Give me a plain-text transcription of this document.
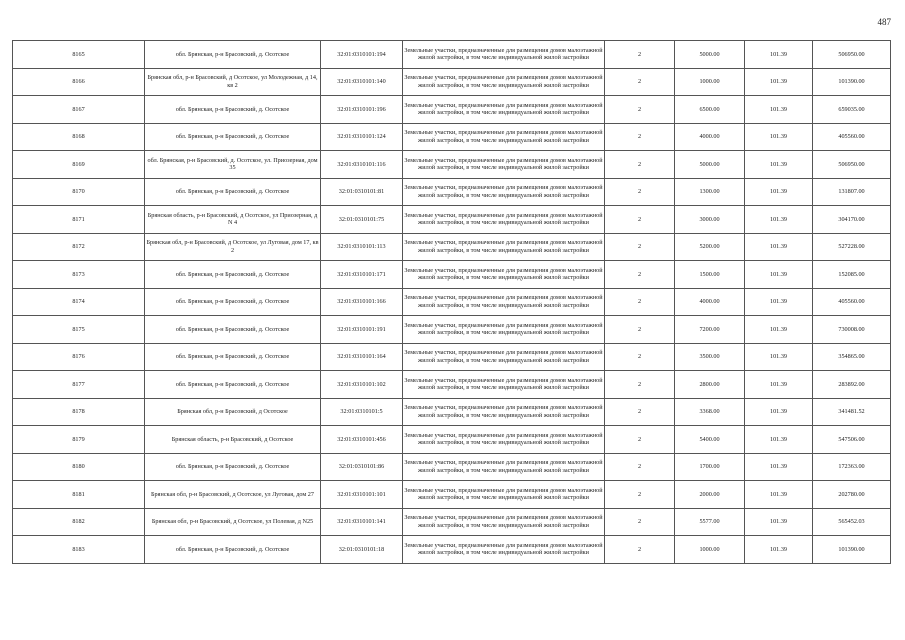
487
8165	обл. Брянская, р-н Брасовский, д. Осотское	32:01:0310101:194	Земельные участки, предназначенные для размещения домов малоэтажной жилой застройки, в том числе индивидуальной жилой застройки	2	5000.00	101.39	506950.00
8166	Брянская обл, р-н Брасовский, д Осотское, ул Молодежная, д 14, кв 2	32:01:0310101:140	Земельные участки, предназначенные для размещения домов малоэтажной жилой застройки, в том числе индивидуальной жилой застройки	2	1000.00	101.39	101390.00
8167	обл. Брянская, р-н Брасовский, д. Осотское	32:01:0310101:196	Земельные участки, предназначенные для размещения домов малоэтажной жилой застройки, в том числе индивидуальной жилой застройки	2	6500.00	101.39	659035.00
8168	обл. Брянская, р-н Брасовский, д. Осотское	32:01:0310101:124	Земельные участки, предназначенные для размещения домов малоэтажной жилой застройки, в том числе индивидуальной жилой застройки	2	4000.00	101.39	405560.00
8169	обл. Брянская, р-н Брасовский, д. Осотское, ул. Приозерная, дом 35	32:01:0310101:116	Земельные участки, предназначенные для размещения домов малоэтажной жилой застройки, в том числе индивидуальной жилой застройки	2	5000.00	101.39	506950.00
8170	обл. Брянская, р-н Брасовский, д. Осотское	32:01:0310101:81	Земельные участки, предназначенные для размещения домов малоэтажной жилой застройки, в том числе индивидуальной жилой застройки	2	1300.00	101.39	131807.00
8171	Брянская область, р-н Брасовский, д Осотское, ул Приозерная, д N 4	32:01:0310101:75	Земельные участки, предназначенные для размещения домов малоэтажной жилой застройки, в том числе индивидуальной жилой застройки	2	3000.00	101.39	304170.00
8172	Брянская обл, р-н Брасовский, д Осотское, ул Луговая, дом 17, кв 2	32:01:0310101:113	Земельные участки, предназначенные для размещения домов малоэтажной жилой застройки, в том числе индивидуальной жилой застройки	2	5200.00	101.39	527228.00
8173	обл. Брянская, р-н Брасовский, д. Осотское	32:01:0310101:171	Земельные участки, предназначенные для размещения домов малоэтажной жилой застройки, в том числе индивидуальной жилой застройки	2	1500.00	101.39	152085.00
8174	обл. Брянская, р-н Брасовский, д. Осотское	32:01:0310101:166	Земельные участки, предназначенные для размещения домов малоэтажной жилой застройки, в том числе индивидуальной жилой застройки	2	4000.00	101.39	405560.00
8175	обл. Брянская, р-н Брасовский, д. Осотское	32:01:0310101:191	Земельные участки, предназначенные для размещения домов малоэтажной жилой застройки, в том числе индивидуальной жилой застройки	2	7200.00	101.39	730008.00
8176	обл. Брянская, р-н Брасовский, д. Осотское	32:01:0310101:164	Земельные участки, предназначенные для размещения домов малоэтажной жилой застройки, в том числе индивидуальной жилой застройки	2	3500.00	101.39	354865.00
8177	обл. Брянская, р-н Брасовский, д. Осотское	32:01:0310101:102	Земельные участки, предназначенные для размещения домов малоэтажной жилой застройки, в том числе индивидуальной жилой застройки	2	2800.00	101.39	283892.00
8178	Брянская обл, р-н Брасовский, д Осотское	32:01:0310101:5	Земельные участки, предназначенные для размещения домов малоэтажной жилой застройки, в том числе индивидуальной жилой застройки	2	3368.00	101.39	341481.52
8179	Брянская область, р-н Брасовский, д Осотское	32:01:0310101:456	Земельные участки, предназначенные для размещения домов малоэтажной жилой застройки, в том числе индивидуальной жилой застройки	2	5400.00	101.39	547506.00
8180	обл. Брянская, р-н Брасовский, д. Осотское	32:01:0310101:86	Земельные участки, предназначенные для размещения домов малоэтажной жилой застройки, в том числе индивидуальной жилой застройки	2	1700.00	101.39	172363.00
8181	Брянская обл, р-н Брасовский, д Осотское, ул Луговая, дом 27	32:01:0310101:101	Земельные участки, предназначенные для размещения домов малоэтажной жилой застройки, в том числе индивидуальной жилой застройки	2	2000.00	101.39	202780.00
8182	Брянская обл, р-н Брасовский, д Осотское, ул Полевая, д N25	32:01:0310101:141	Земельные участки, предназначенные для размещения домов малоэтажной жилой застройки, в том числе индивидуальной жилой застройки	2	5577.00	101.39	565452.03
8183	обл. Брянская, р-н Брасовский, д. Осотское	32:01:0310101:18	Земельные участки, предназначенные для размещения домов малоэтажной жилой застройки, в том числе индивидуальной жилой застройки	2	1000.00	101.39	101390.00
